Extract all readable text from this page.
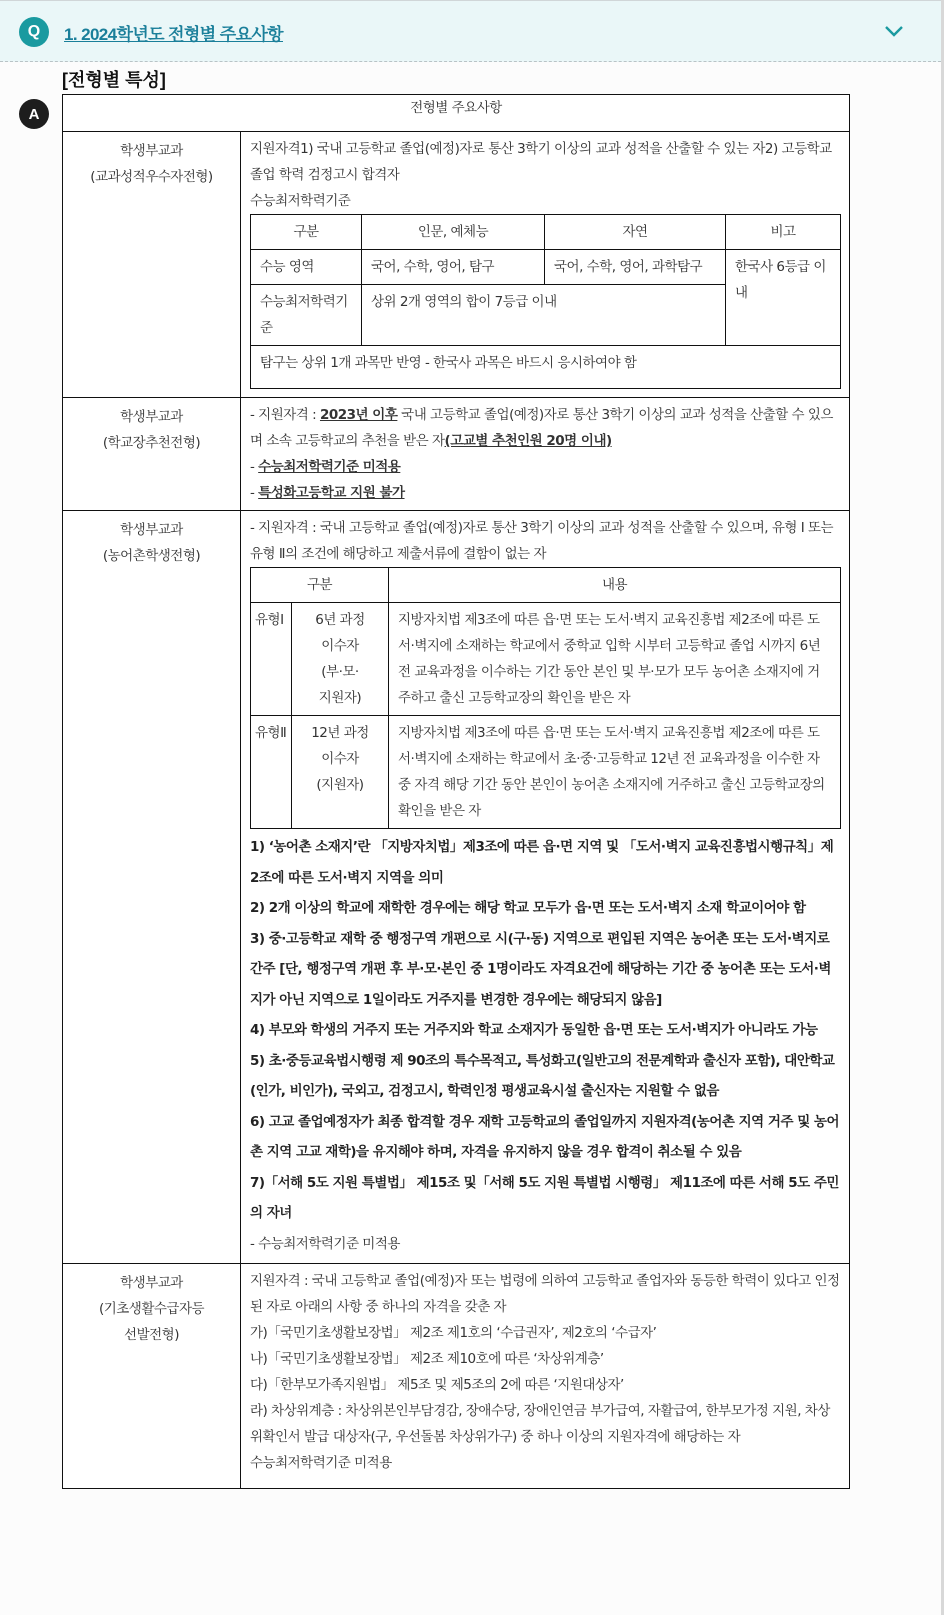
Q	1. 2024학년도 전형별 주요사항
[전형별 특성]
A	전형별 주요사항

학생부교과
(교과성적우수자전형)

지원자격1) 국내 고등학교 졸업(예정)자로 통산 3학기 이상의 교과 성적을 산출할 수 있는 자2) 고등학교 졸업 학력 검정고시 합격자
수능최저학력기준
구분	인문, 예체능	자연	비고
수능 영역	국어, 수학, 영어, 탐구	국어, 수학, 영어, 과학탐구	한국사 6등급 이내
수능최저학력기준	상위 2개 영역의 합이 7등급 이내
탐구는 상위 1개 과목만 반영 - 한국사 과목은 바드시 응시하여야 함

학생부교과
(학교장추천전형)

- 지원자격 : 2023년 이후 국내 고등학교 졸업(예정)자로 통산 3학기 이상의 교과 성적을 산출할 수 있으며 소속 고등학교의 추천을 받은 자(고교별 추천인원 20명 이내)
- 수능최저학력기준 미적용
- 특성화고등학교 지원 불가

학생부교과
(농어촌학생전형)

- 지원자격 : 국내 고등학교 졸업(예정)자로 통산 3학기 이상의 교과 성적을 산출할 수 있으며, 유형 Ⅰ 또는 유형 Ⅱ의 조건에 해당하고 제출서류에 결함이 없는 자
구분	내용
유형Ⅰ	6년 과정
이수자
(부·모·
지원자)
	지방자치법 제3조에 따른 읍·면 또는 도서·벽지 교육진흥법 제2조에 따른 도서·벽지에 소재하는 학교에서 중학교 입학 시부터 고등학교 졸업 시까지 6년 전 교육과정을 이수하는 기간 동안 본인 및 부·모가 모두 농어촌 소재지에 거주하고 출신 고등학교장의 확인을 받은 자
유형Ⅱ	12년 과정
이수자
(지원자)
	지방자치법 제3조에 따른 읍·면 또는 도서·벽지 교육진흥법 제2조에 따른 도서·벽지에 소재하는 학교에서 초·중·고등학교 12년 전 교육과정을 이수한 자 중 자격 해당 기간 동안 본인이 농어촌 소재지에 거주하고 출신 고등학교장의 확인을 받은 자
1) ‘농어촌 소재지’란 「지방자치법」제3조에 따른 읍·면 지역 및 「도서·벽지 교육진흥법시행규칙」제2조에 따른 도서·벽지 지역을 의미
2) 2개 이상의 학교에 재학한 경우에는 해당 학교 모두가 읍·면 또는 도서·벽지 소재 학교이어야 함
3) 중·고등학교 재학 중 행정구역 개편으로 시(구·동) 지역으로 편입된 지역은 농어촌 또는 도서·벽지로 간주 [단, 행정구역 개편 후 부·모·본인 중 1명이라도 자격요건에 해당하는 기간 중 농어촌 또는 도서·벽지가 아닌 지역으로 1일이라도 거주지를 변경한 경우에는 해당되지 않음]
4) 부모와 학생의 거주지 또는 거주지와 학교 소재지가 동일한 읍·면 또는 도서·벽지가 아니라도 가능
5) 초·중등교육법시행령 제 90조의 특수목적고, 특성화고(일반고의 전문계학과 출신자 포함), 대안학교(인가, 비인가), 국외고, 검정고시, 학력인정 평생교육시설 출신자는 지원할 수 없음
6) 고교 졸업예정자가 최종 합격할 경우 재학 고등학교의 졸업일까지 지원자격(농어촌 지역 거주 및 농어촌 지역 고교 재학)을 유지해야 하며, 자격을 유지하지 않을 경우 합격이 취소될 수 있음
7)「서해 5도 지원 특별법」 제15조 및「서해 5도 지원 특별법 시행령」 제11조에 따른 서해 5도 주민의 자녀
- 수능최저학력기준 미적용

학생부교과
(기초생활수급자등
선발전형)

지원자격 : 국내 고등학교 졸업(예정)자 또는 법령에 의하여 고등학교 졸업자와 동등한 학력이 있다고 인정된 자로 아래의 사항 중 하나의 자격을 갖춘 자
가)「국민기초생활보장법」 제2조 제1호의 ‘수급권자’, 제2호의 ‘수급자’
나)「국민기초생활보장법」 제2조 제10호에 따른 ‘차상위계층’
다)「한부모가족지원법」 제5조 및 제5조의 2에 따른 ‘지원대상자’
라) 차상위계층 : 차상위본인부담경감, 장애수당, 장애인연금 부가급여, 자활급여, 한부모가정 지원, 차상위확인서 발급 대상자(구, 우선돌봄 차상위가구) 중 하나 이상의 지원자격에 해당하는 자
수능최저학력기준 미적용
